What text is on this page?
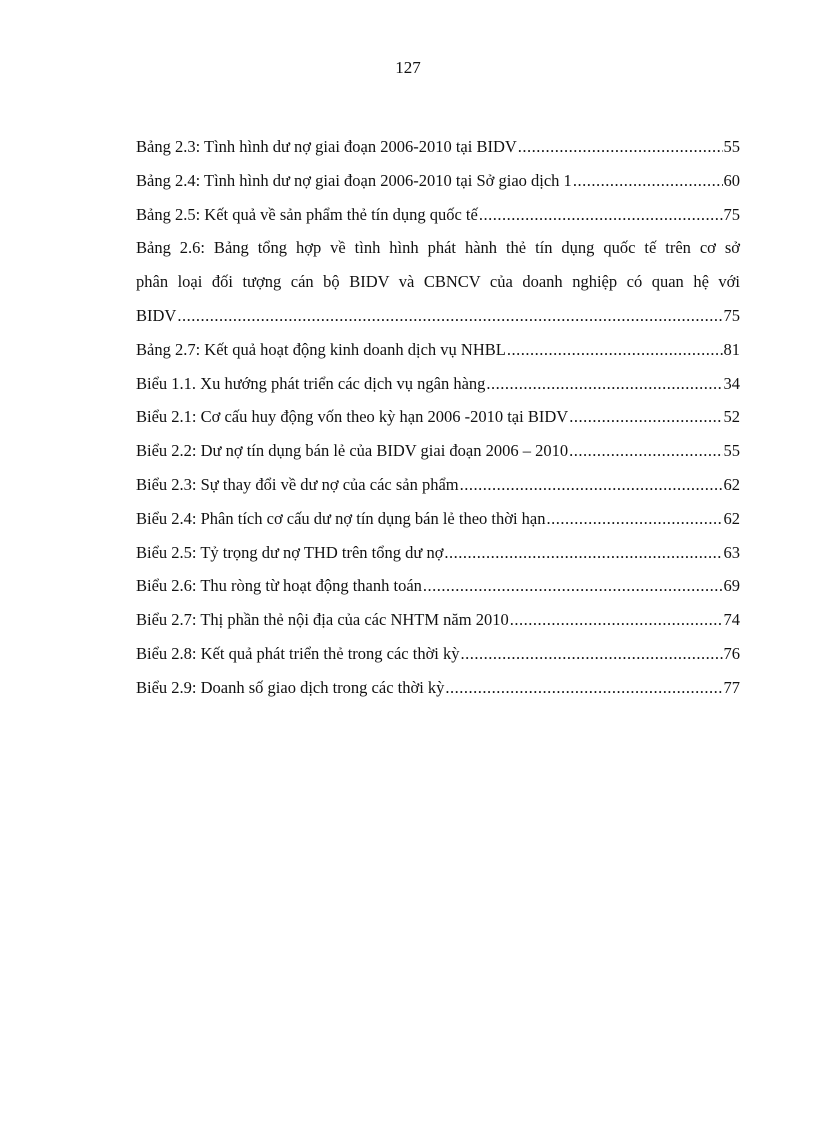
127
Bảng 2.3: Tình hình dư nợ giai đoạn 2006-2010 tại BIDV .....	55
Bảng 2.4: Tình hình dư nợ giai đoạn 2006-2010 tại Sở giao dịch 1 .....	60
Bảng 2.5: Kết quả về sản phẩm thẻ tín dụng quốc tế .....	75
Bảng 2.6: Bảng tổng hợp về tình hình phát hành thẻ tín dụng quốc tế trên cơ sở
phân loại đối tượng cán bộ BIDV và CBNCV của doanh nghiệp có quan hệ với
BIDV .....	75
Bảng 2.7: Kết quả hoạt động kinh doanh dịch vụ NHBL .....	81
Biểu 1.1. Xu hướng phát triển các dịch vụ ngân hàng .....	34
Biểu 2.1: Cơ cấu huy động vốn theo kỳ hạn 2006 -2010 tại BIDV .....	52
Biểu 2.2: Dư nợ tín dụng bán lẻ của BIDV giai đoạn 2006 – 2010 .....	55
Biểu 2.3: Sự thay đổi về dư nợ của các sản phẩm .....	62
Biểu 2.4: Phân tích cơ cấu dư nợ tín dụng bán lẻ theo thời hạn .....	62
Biểu 2.5: Tỷ trọng dư nợ THD trên tổng dư nợ .....	63
Biểu 2.6: Thu ròng từ hoạt động thanh toán .....	69
Biểu 2.7: Thị phần thẻ nội địa của các NHTM năm 2010 .....	74
Biểu 2.8: Kết quả phát triển thẻ trong các thời kỳ .....	76
Biểu 2.9: Doanh số giao dịch trong các thời kỳ .....	77
